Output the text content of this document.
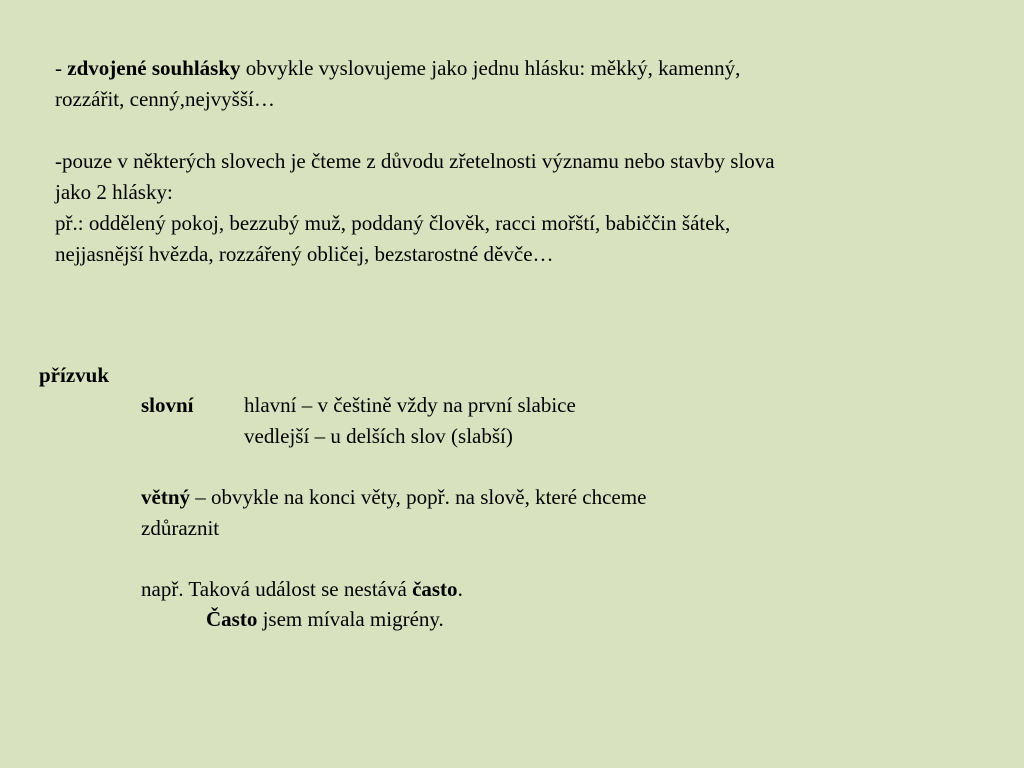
- zdvojené souhlásky obvykle vyslovujeme jako jednu hlásku: měkký, kamenný,
rozzářit, cenný,nejvyšší…
-pouze v některých slovech je čteme z důvodu zřetelnosti významu nebo stavby slova
jako 2 hlásky:
př.: oddělený pokoj, bezzubý muž, poddaný člověk, racci mořští, babiččin šátek,
nejjasnější hvězda, rozzářený obličej, bezstarostné děvče…
přízvuk
slovní hlavní – v češtině vždy na první slabice
vedlejší – u delších slov (slabší)
větný – obvykle na konci věty, popř. na slově, které chceme
zdůraznit
např. Taková událost se nestává často.
Často jsem mívala migrény.
